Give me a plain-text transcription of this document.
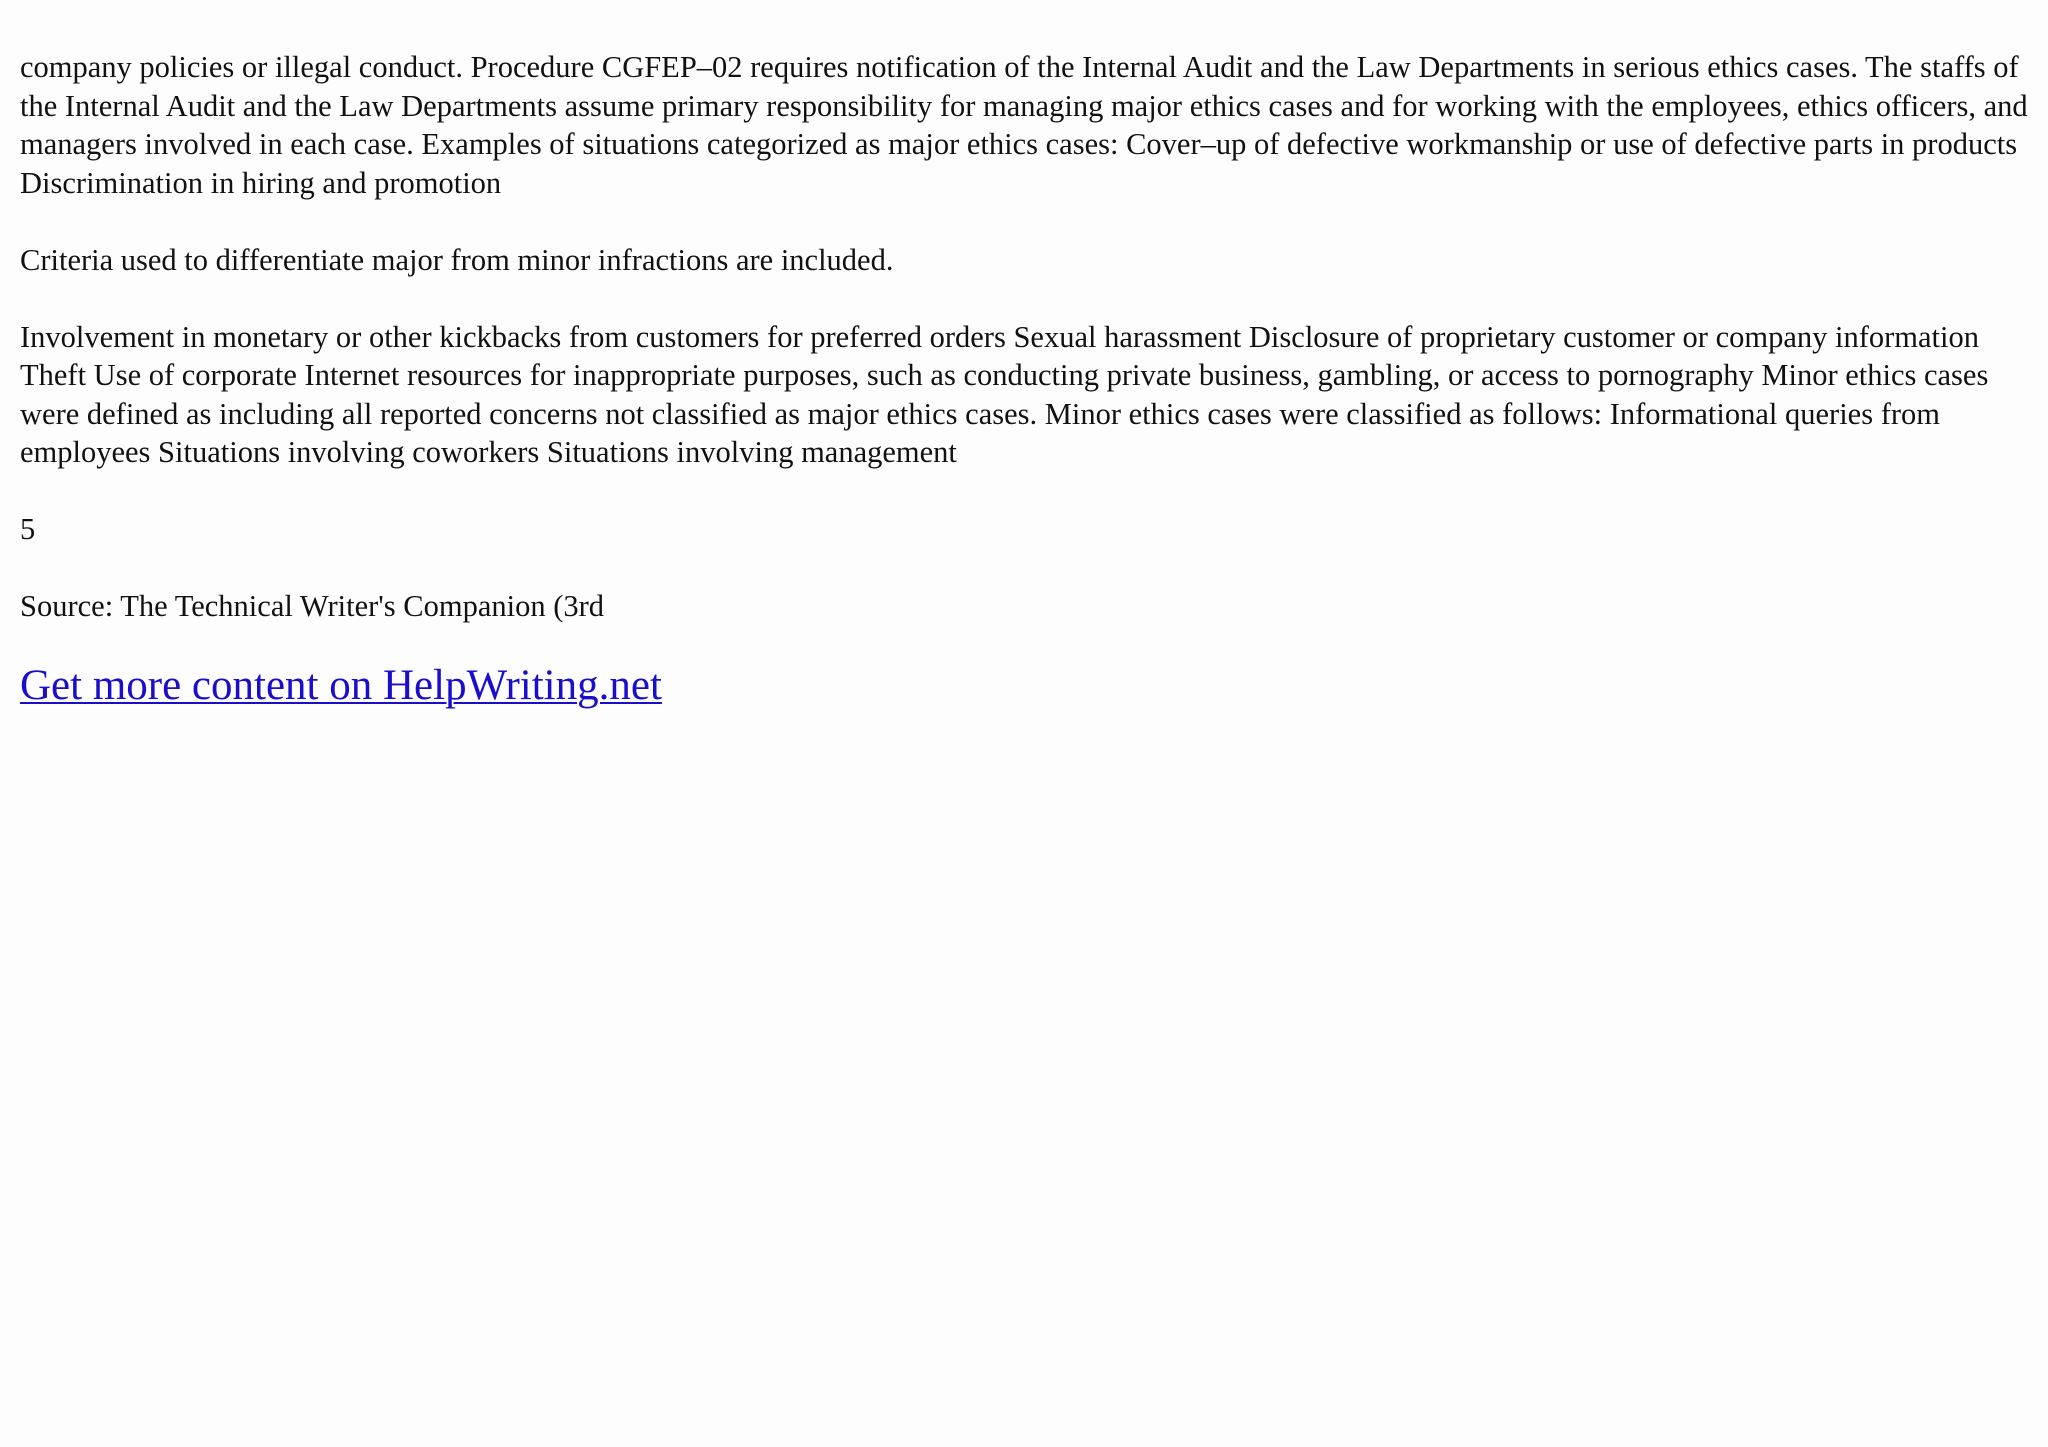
company policies or illegal conduct. Procedure CGFEP–02 requires notification of the Internal Audit and the Law Departments in serious ethics cases. The staffs of the Internal Audit and the Law Departments assume primary responsibility for managing major ethics cases and for working with the employees, ethics officers, and managers involved in each case. Examples of situations categorized as major ethics cases: Cover–up of defective workmanship or use of defective parts in products Discrimination in hiring and promotion

Criteria used to differentiate major from minor infractions are included.

Involvement in monetary or other kickbacks from customers for preferred orders Sexual harassment Disclosure of proprietary customer or company information Theft Use of corporate Internet resources for inappropriate purposes, such as conducting private business, gambling, or access to pornography Minor ethics cases were defined as including all reported concerns not classified as major ethics cases. Minor ethics cases were classified as follows: Informational queries from employees Situations involving coworkers Situations involving management

5

Source: The Technical Writer's Companion (3rd

Get more content on HelpWriting.net
